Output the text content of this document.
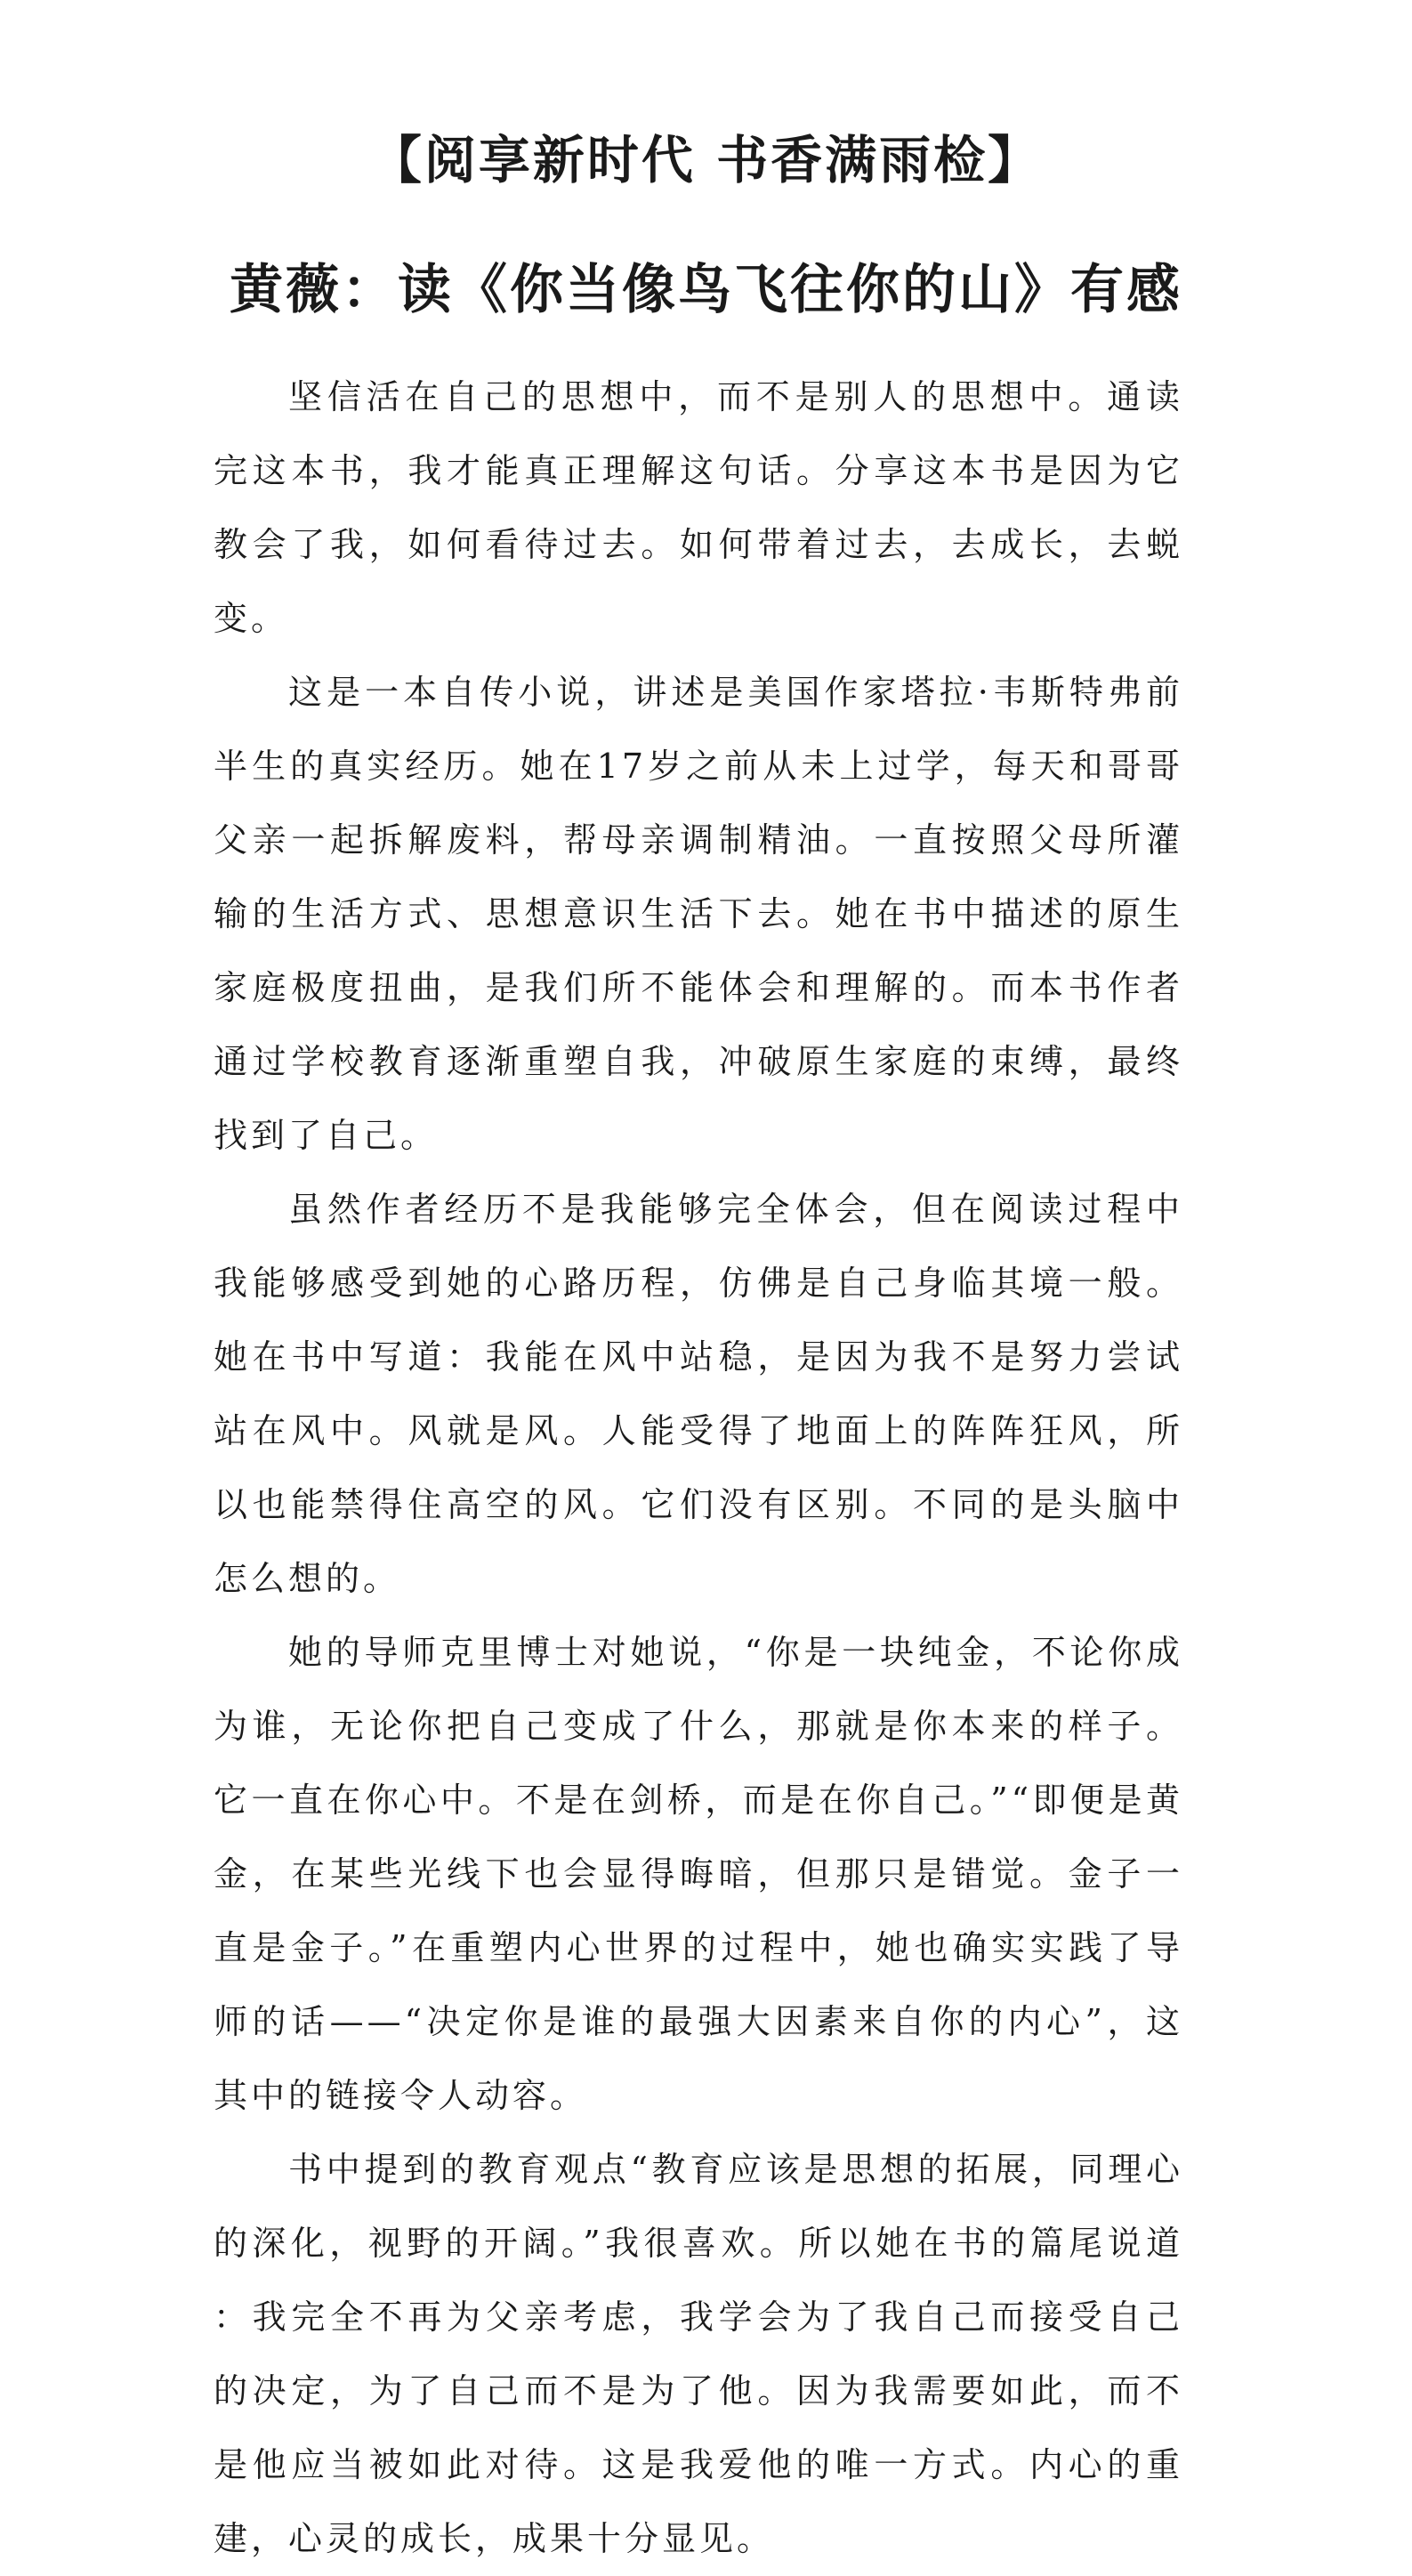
【阅享新时代 书香满雨检】
黄薇：读《你当像鸟飞往你的山》有感

坚信活在自己的思想中，而不是别人的思想中。通读完这本书，我才能真正理解这句话。分享这本书是因为它教会了我，如何看待过去。如何带着过去，去成长，去蜕变。

这是一本自传小说，讲述是美国作家塔拉·韦斯特弗前半生的真实经历。她在17岁之前从未上过学，每天和哥哥父亲一起拆解废料，帮母亲调制精油。一直按照父母所灌输的生活方式、思想意识生活下去。她在书中描述的原生家庭极度扭曲，是我们所不能体会和理解的。而本书作者通过学校教育逐渐重塑自我，冲破原生家庭的束缚，最终找到了自己。

虽然作者经历不是我能够完全体会，但在阅读过程中我能够感受到她的心路历程，仿佛是自己身临其境一般。她在书中写道：我能在风中站稳，是因为我不是努力尝试站在风中。风就是风。人能受得了地面上的阵阵狂风，所以也能禁得住高空的风。它们没有区别。不同的是头脑中怎么想的。

她的导师克里博士对她说，“你是一块纯金，不论你成为谁，无论你把自己变成了什么，那就是你本来的样子。它一直在你心中。不是在剑桥，而是在你自己。”“即便是黄金，在某些光线下也会显得晦暗，但那只是错觉。金子一直是金子。”在重塑内心世界的过程中，她也确实实践了导师的话——“决定你是谁的最强大因素来自你的内心”，这其中的链接令人动容。

书中提到的教育观点“教育应该是思想的拓展，同理心的深化，视野的开阔。”我很喜欢。所以她在书的篇尾说道：我完全不再为父亲考虑，我学会为了我自己而接受自己的决定，为了自己而不是为了他。因为我需要如此，而不是他应当被如此对待。这是我爱他的唯一方式。内心的重建，心灵的成长，成果十分显见。
